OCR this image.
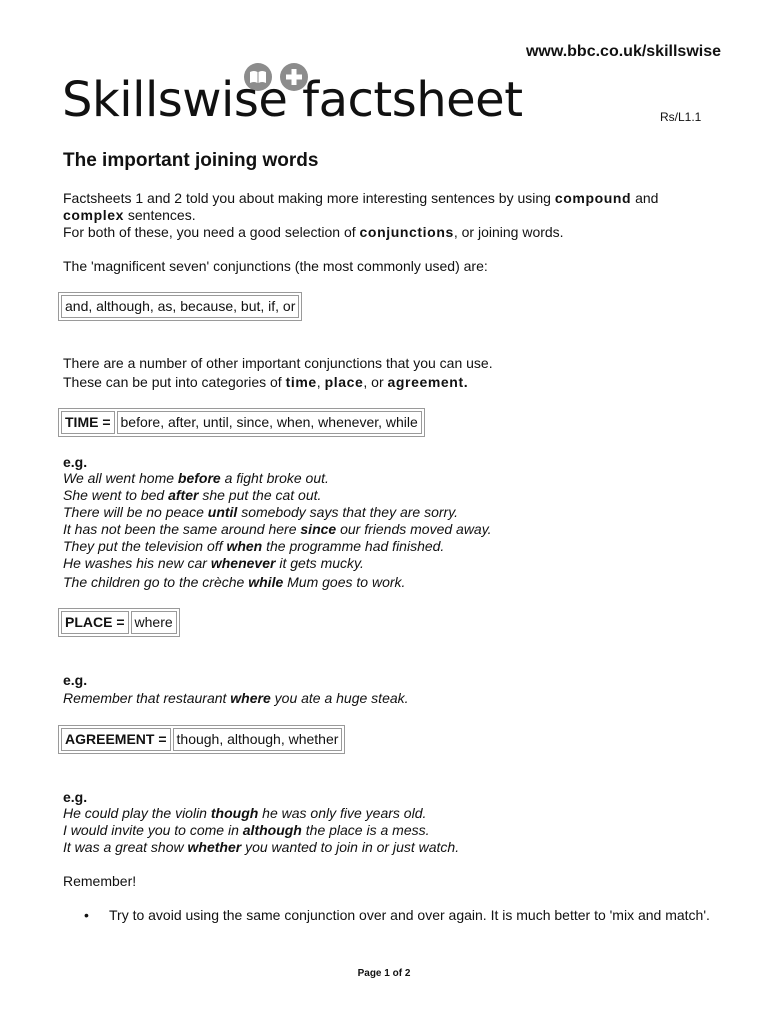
www.bbc.co.uk/skillswise
Skillswise factsheet	Rs/L1.1
The important joining words
Factsheets 1 and 2 told you about making more interesting sentences by using compound and
complex sentences.
For both of these, you need a good selection of conjunctions, or joining words.
The 'magnificent seven' conjunctions (the most commonly used) are:
and, although, as, because, but, if, or
There are a number of other important conjunctions that you can use.
These can be put into categories of time, place, or agreement.
TIME = before, after, until, since, when, whenever, while
e.g.
We all went home before a fight broke out.
She went to bed after she put the cat out.
There will be no peace until somebody says that they are sorry.
It has not been the same around here since our friends moved away.
They put the television off when the programme had finished.
He washes his new car whenever it gets mucky.
The children go to the crèche while Mum goes to work.
PLACE = where
e.g.
Remember that restaurant where you ate a huge steak.
AGREEMENT = though, although, whether
e.g.
He could play the violin though he was only five years old.
I would invite you to come in although the place is a mess.
It was a great show whether you wanted to join in or just watch.
Remember!
• Try to avoid using the same conjunction over and over again. It is much better to 'mix and match'.
Page 1 of 2
